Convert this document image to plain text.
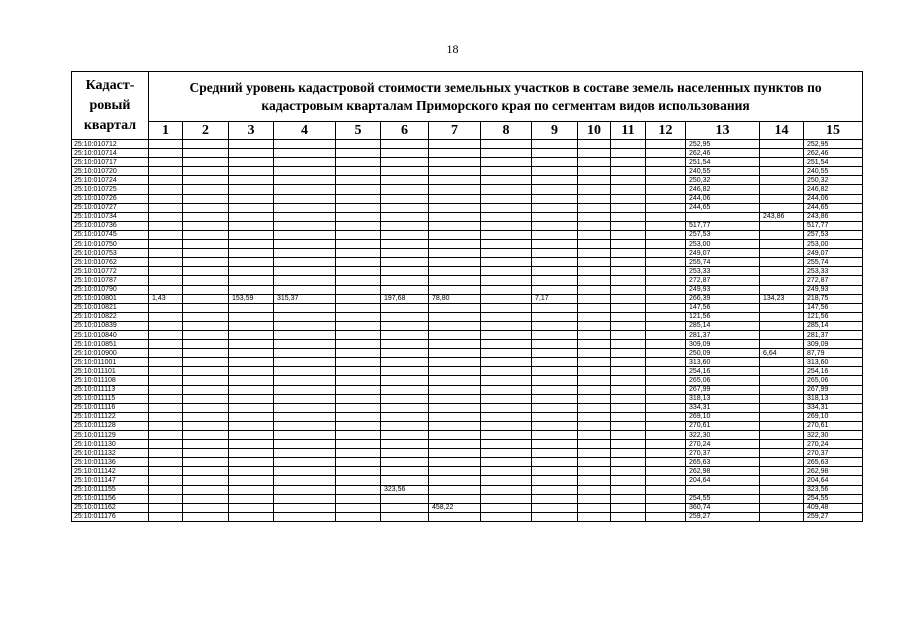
18
Кадаст-ровый квартал	Средний уровень кадастровой стоимости земельных участков в составе земель населенных пунктов по кадастровым кварталам Приморского края по сегментам видов использования														
	1	2	3	4	5	6	7	8	9	10	11	12	13	14	15
25:10:010712													252,95		252,95
25:10:010714													262,46		262,46
25:10:010717													251,54		251,54
25:10:010720													240,55		240,55
25:10:010724													250,32		250,32
25:10:010725													246,82		246,82
25:10:010726													244,06		244,06
25:10:010727													244,65		244,65
25:10:010734														243,86	243,86
25:10:010736													517,77		517,77
25:10:010745													257,53		257,53
25:10:010750													253,00		253,00
25:10:010753													249,07		249,07
25:10:010762													255,74		255,74
25:10:010772													253,33		253,33
25:10:010787													272,87		272,87
25:10:010790													249,93		249,93
25:10:010801	1,43		153,59	315,37		197,68	78,80		7,17				266,39	134,23	218,75
25:10:010821													147,56		147,56
25:10:010822													121,56		121,56
25:10:010839													285,14		285,14
25:10:010840													281,37		281,37
25:10:010851													309,09		309,09
25:10:010900													250,09	6,64	87,79
25:10:011001													313,60		313,60
25:10:011101													254,16		254,16
25:10:011108													265,06		265,06
25:10:011113													267,99		267,99
25:10:011115													318,13		318,13
25:10:011116													334,31		334,31
25:10:011122													269,10		269,10
25:10:011128													270,61		270,61
25:10:011129													322,30		322,30
25:10:011130													270,24		270,24
25:10:011132													270,37		270,37
25:10:011136													265,63		265,63
25:10:011142													262,98		262,98
25:10:011147													204,64		204,64
25:10:011155						323,56									323,56
25:10:011156													254,55		254,55
25:10:011162							458,22						360,74		409,48
25:10:011176													259,27		259,27
